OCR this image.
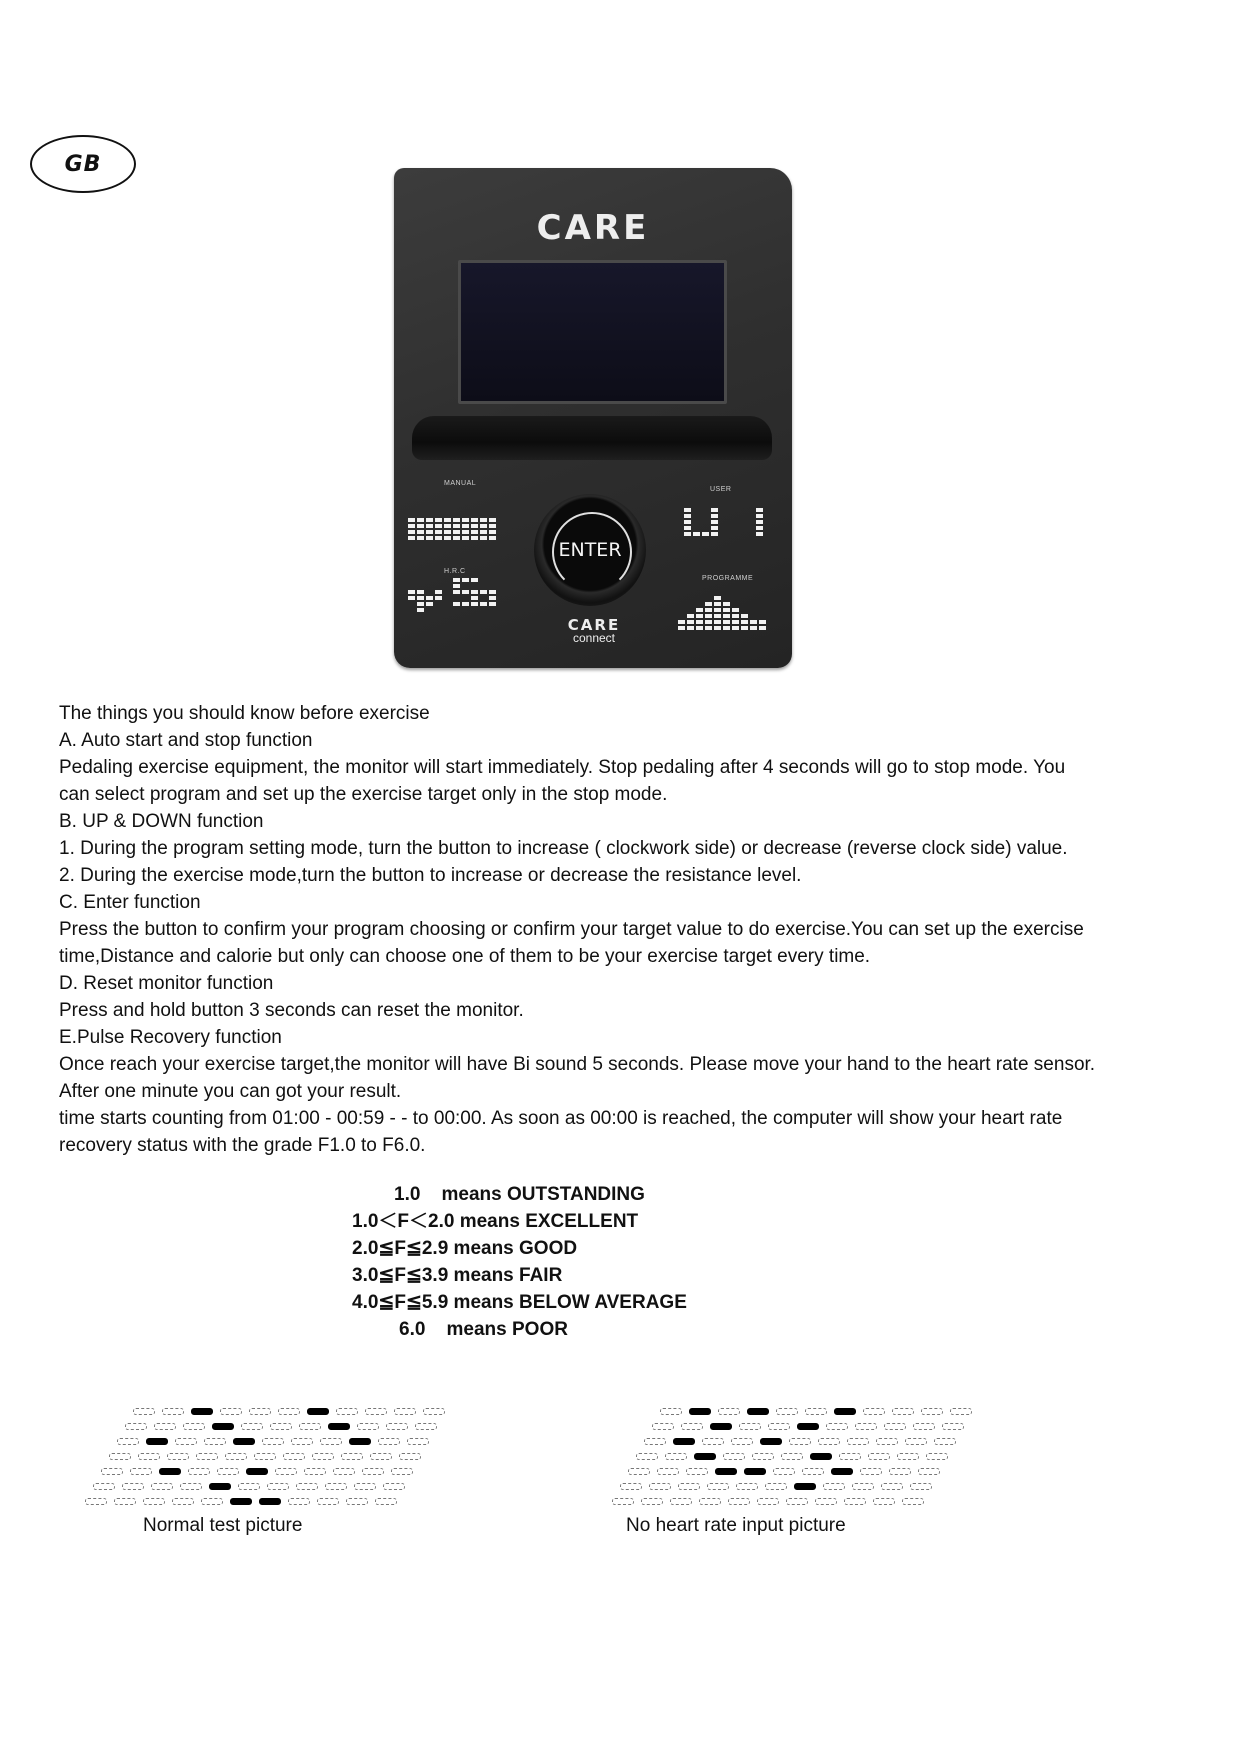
GB
CARE
MANUAL
USER
H.R.C
PROGRAMME
ENTER
CARE
connect

The things you should know before exercise

A. Auto start and stop function

Pedaling exercise equipment, the monitor will start immediately. Stop pedaling after 4 seconds will go to stop mode. You can select program and set up the exercise target only in the stop mode.

B. UP & DOWN function

1. During the program setting mode, turn the button to increase ( clockwork side) or decrease (reverse clock side) value.

2. During the exercise mode,turn the button to increase or decrease the resistance level.

C. Enter function

Press the button to confirm your program choosing or confirm your target value to do exercise.You can set up the exercise time,Distance and calorie but only can choose one of them to be your exercise target every time.

D. Reset monitor function

Press and hold button 3 seconds can reset the monitor.

E.Pulse Recovery function

Once reach your exercise target,the monitor will have Bi sound 5 seconds. Please move your hand to the heart rate sensor. After one minute you can got your result.

time starts counting from 01:00 - 00:59 - - to 00:00. As soon as 00:00 is reached, the computer will show your heart rate recovery status with the grade F1.0 to F6.0.

1.0    means OUTSTANDING
1.0＜F＜2.0 means EXCELLENT
2.0≦F≦2.9 means GOOD
3.0≦F≦3.9 means FAIR
4.0≦F≦5.9 means BELOW AVERAGE
6.0    means POOR
Normal test picture	No heart rate input picture
